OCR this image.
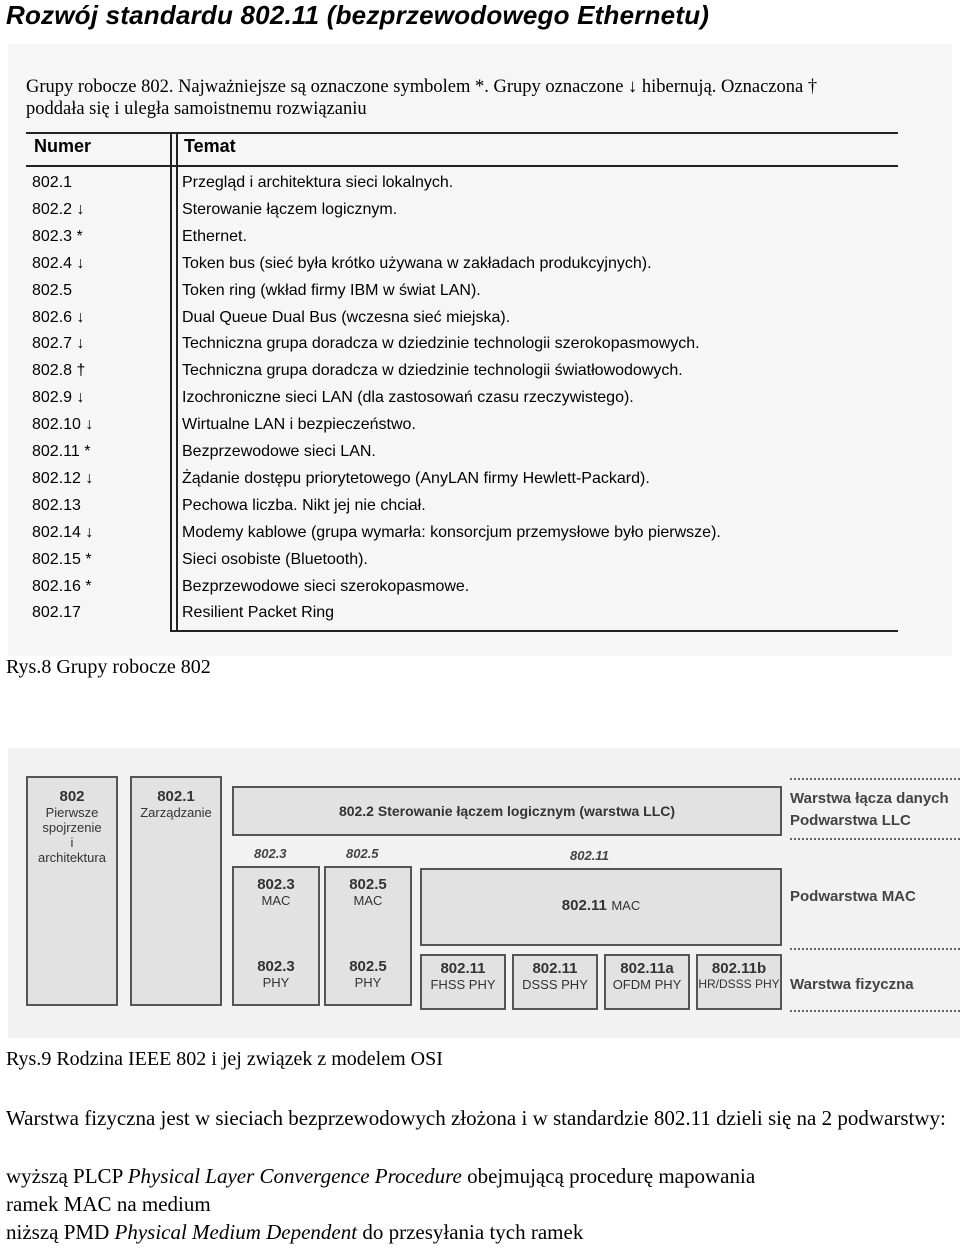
Rozwój standardu 802.11 (bezprzewodowego Ethernetu)
Grupy robocze 802. Najważniejsze są oznaczone symbolem *. Grupy oznaczone ↓ hibernują. Oznaczona †
poddała się i uległa samoistnemu rozwiązaniu
Numer	Temat
802.1	Przegląd i architektura sieci lokalnych.
802.2 ↓	Sterowanie łączem logicznym.
802.3 *	Ethernet.
802.4 ↓	Token bus (sieć była krótko używana w zakładach produkcyjnych).
802.5	Token ring (wkład firmy IBM w świat LAN).
802.6 ↓	Dual Queue Dual Bus (wczesna sieć miejska).
802.7 ↓	Techniczna grupa doradcza w dziedzinie technologii szerokopasmowych.
802.8 †	Techniczna grupa doradcza w dziedzinie technologii światłowodowych.
802.9 ↓	Izochroniczne sieci LAN (dla zastosowań czasu rzeczywistego).
802.10 ↓	Wirtualne LAN i bezpieczeństwo.
802.11 *	Bezprzewodowe sieci LAN.
802.12 ↓	Żądanie dostępu priorytetowego (AnyLAN firmy Hewlett-Packard).
802.13	Pechowa liczba. Nikt jej nie chciał.
802.14 ↓	Modemy kablowe (grupa wymarła: konsorcjum przemysłowe było pierwsze).
802.15 *	Sieci osobiste (Bluetooth).
802.16 *	Bezprzewodowe sieci szerokopasmowe.
802.17	Resilient Packet Ring
Rys.8 Grupy robocze 802
802
Pierwsze
spojrzenie
i
architektura
802.1
Zarządzanie	802.2 Sterowanie łączem logicznym (warstwa LLC)
802.3	802.5	802.11
802.3
MAC
802.3
PHY
802.5
MAC
802.5
PHY
802.11 MAC
802.11
FHSS PHY
802.11
DSSS PHY
802.11a
OFDM PHY
802.11b
HR/DSSS PHY
Warstwa łącza danych
Podwarstwa LLC
Podwarstwa MAC
Warstwa fizyczna
Rys.9 Rodzina IEEE 802 i jej związek z modelem OSI
Warstwa fizyczna jest w sieciach bezprzewodowych złożona i w standardzie 802.11 dzieli się na 2 podwarstwy:
wyższą PLCP Physical Layer Convergence Procedure obejmującą procedurę mapowania
ramek MAC na medium
niższą PMD Physical Medium Dependent do przesyłania tych ramek
